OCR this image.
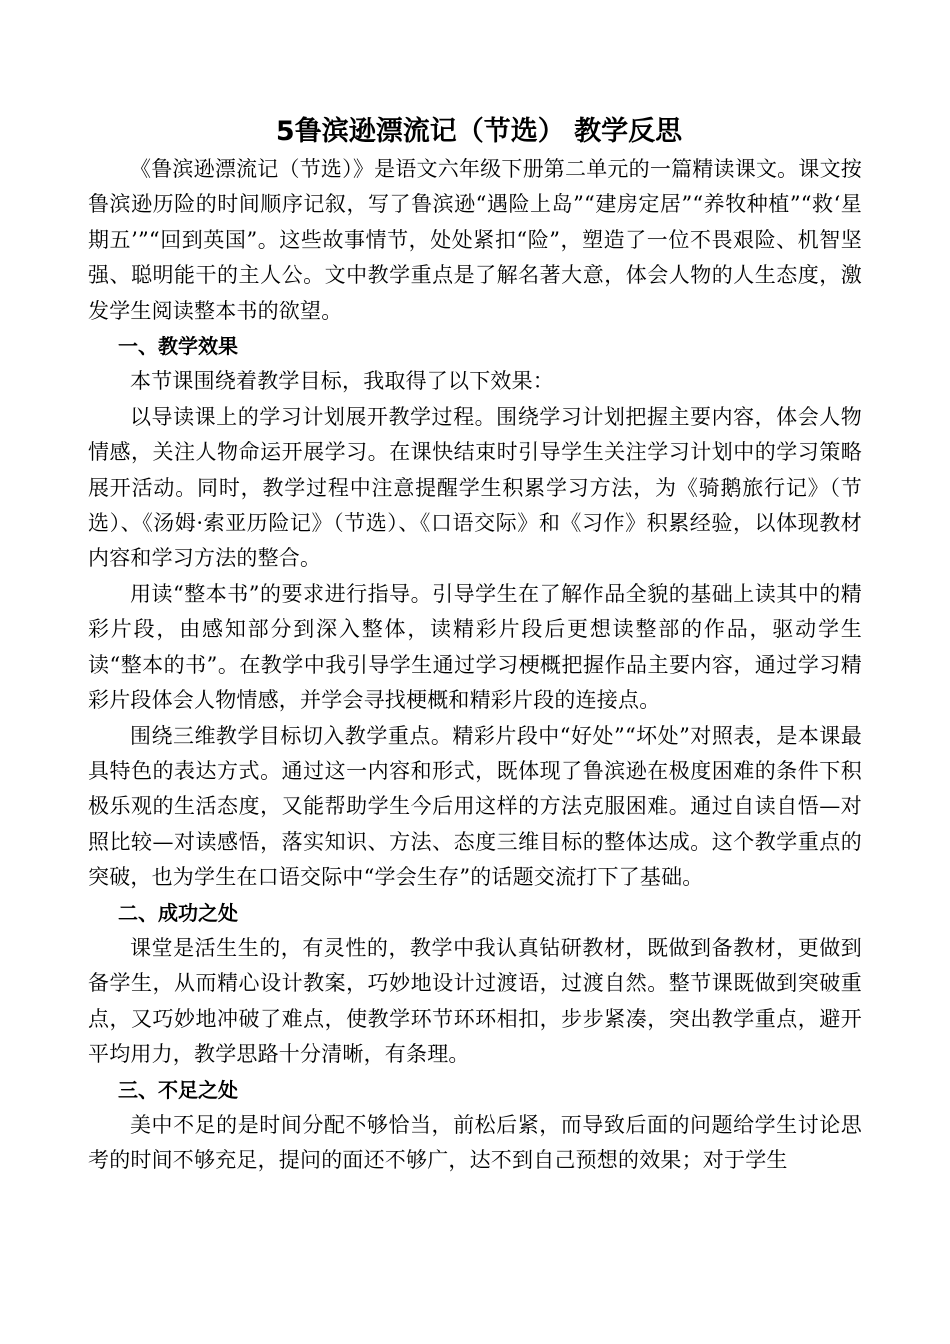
5鲁滨逊漂流记（节选） 教学反思

《鲁滨逊漂流记（节选）》是语文六年级下册第二单元的一篇精读课文。课文按鲁滨逊历险的时间顺序记叙，写了鲁滨逊“遇险上岛”“建房定居”“养牧种植”“救‘星期五’”“回到英国”。这些故事情节，处处紧扣“险”，塑造了一位不畏艰险、机智坚强、聪明能干的主人公。文中教学重点是了解名著大意，体会人物的人生态度，激发学生阅读整本书的欲望。

一、教学效果

本节课围绕着教学目标，我取得了以下效果：

以导读课上的学习计划展开教学过程。围绕学习计划把握主要内容，体会人物情感，关注人物命运开展学习。在课快结束时引导学生关注学习计划中的学习策略展开活动。同时，教学过程中注意提醒学生积累学习方法，为《骑鹅旅行记》（节选）、《汤姆·索亚历险记》（节选）、《口语交际》和《习作》积累经验，以体现教材内容和学习方法的整合。

用读“整本书”的要求进行指导。引导学生在了解作品全貌的基础上读其中的精彩片段，由感知部分到深入整体，读精彩片段后更想读整部的作品，驱动学生读“整本的书”。在教学中我引导学生通过学习梗概把握作品主要内容，通过学习精彩片段体会人物情感，并学会寻找梗概和精彩片段的连接点。

围绕三维教学目标切入教学重点。精彩片段中“好处”“坏处”对照表，是本课最具特色的表达方式。通过这一内容和形式，既体现了鲁滨逊在极度困难的条件下积极乐观的生活态度，又能帮助学生今后用这样的方法克服困难。通过自读自悟—对照比较—对读感悟，落实知识、方法、态度三维目标的整体达成。这个教学重点的突破，也为学生在口语交际中“学会生存”的话题交流打下了基础。

二、成功之处

课堂是活生生的，有灵性的，教学中我认真钻研教材，既做到备教材，更做到备学生，从而精心设计教案，巧妙地设计过渡语，过渡自然。整节课既做到突破重点，又巧妙地冲破了难点，使教学环节环环相扣，步步紧凑，突出教学重点，避开平均用力，教学思路十分清晰，有条理。

三、不足之处

美中不足的是时间分配不够恰当，前松后紧，而导致后面的问题给学生讨论思考的时间不够充足，提问的面还不够广，达不到自己预想的效果；对于学生
